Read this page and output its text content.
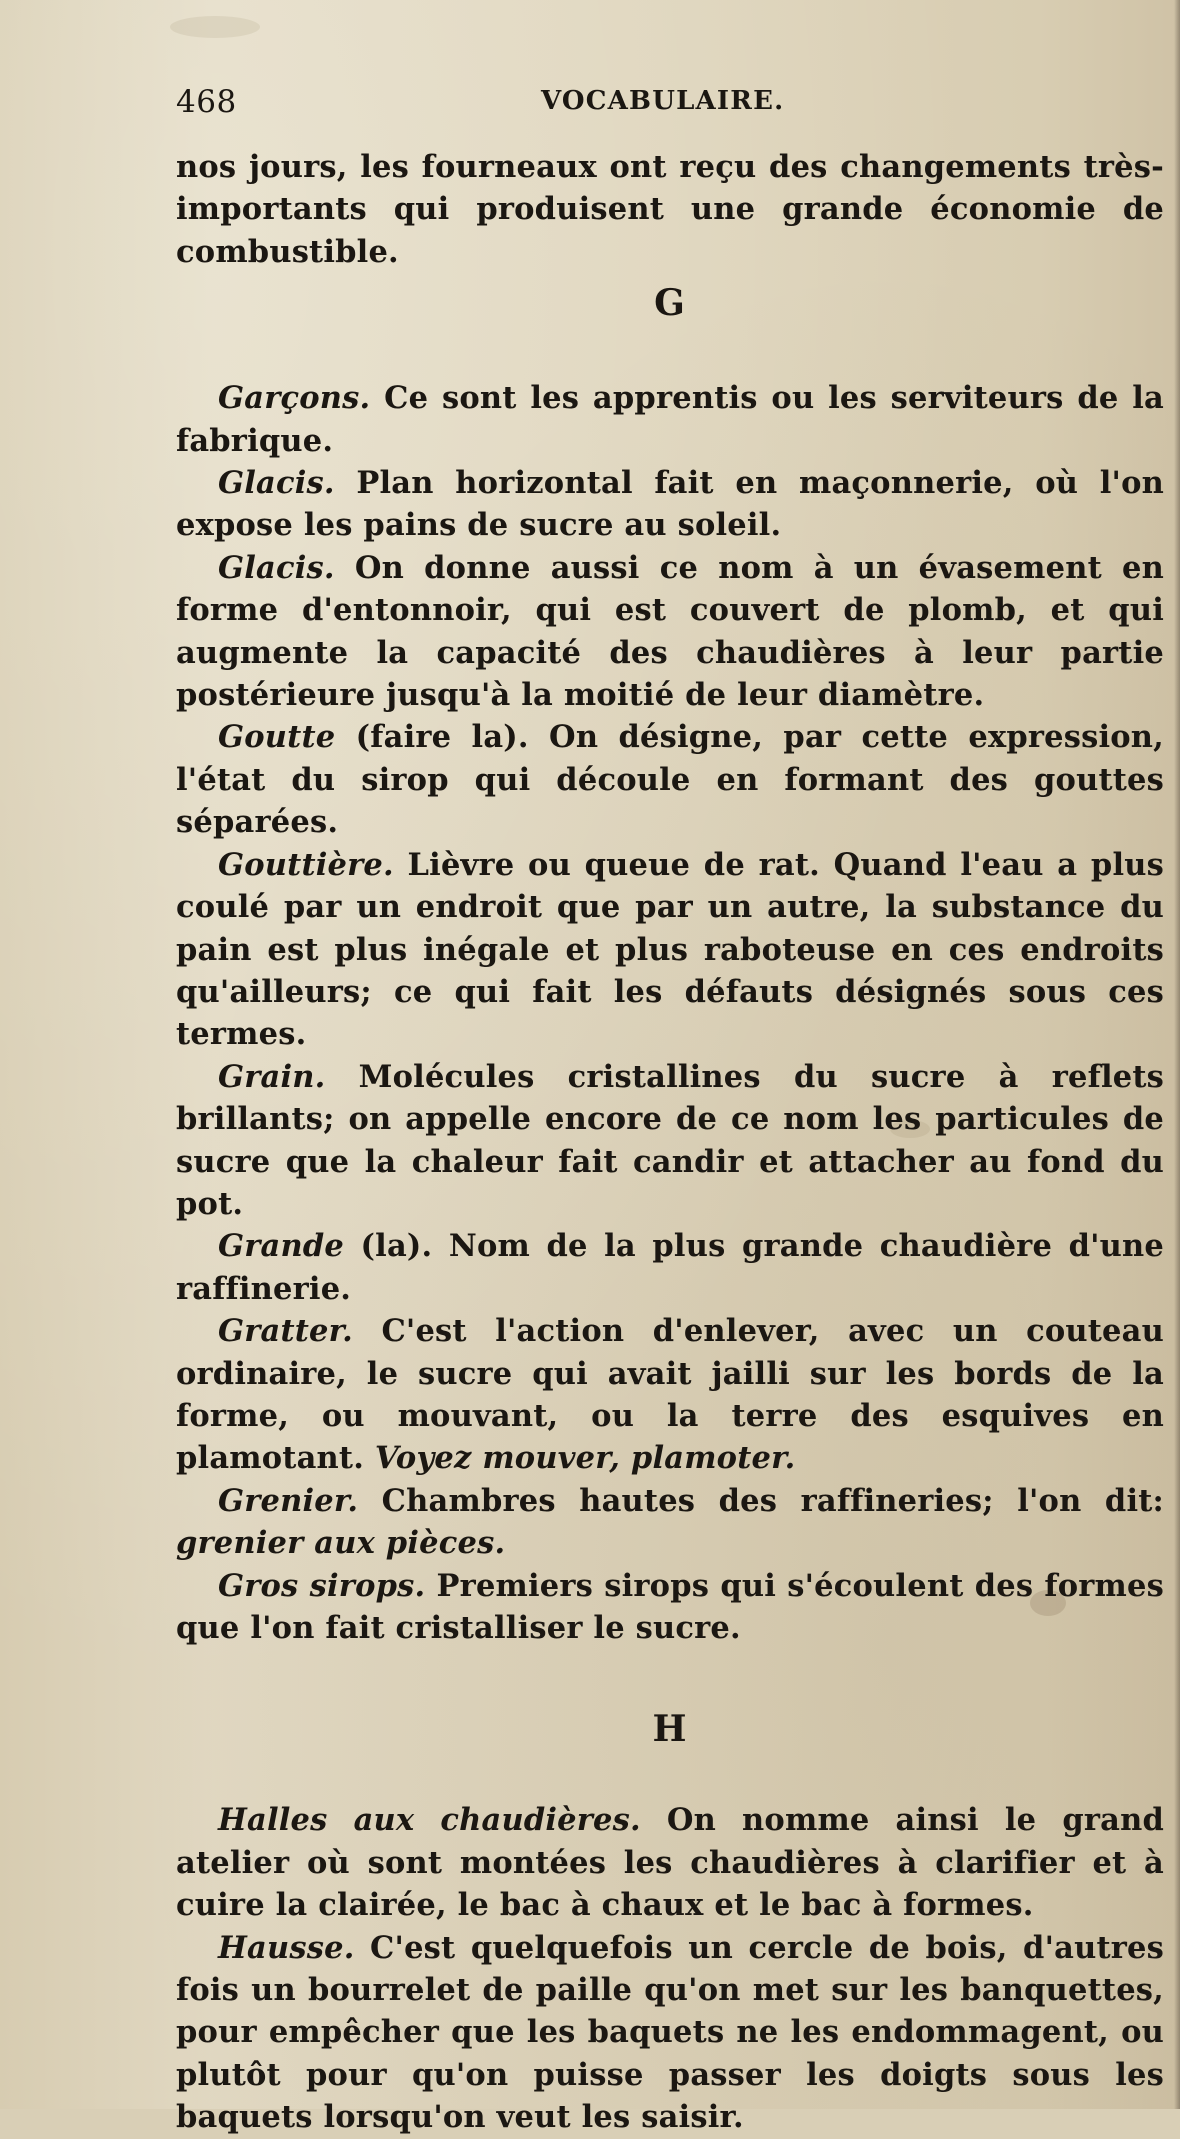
468	VOCABULAIRE.

nos jours, les fourneaux ont reçu des changements très-importants qui produisent une grande économie de combustible.

G

Garçons. Ce sont les apprentis ou les serviteurs de la fabrique.

Glacis. Plan horizontal fait en maçonnerie, où l'on expose les pains de sucre au soleil.

Glacis. On donne aussi ce nom à un évasement en forme d'entonnoir, qui est couvert de plomb, et qui augmente la capacité des chaudières à leur partie postérieure jusqu'à la moitié de leur diamètre.

Goutte (faire la). On désigne, par cette expression, l'état du sirop qui découle en formant des gouttes séparées.

Gouttière. Lièvre ou queue de rat. Quand l'eau a plus coulé par un endroit que par un autre, la substance du pain est plus inégale et plus raboteuse en ces endroits qu'ailleurs; ce qui fait les défauts désignés sous ces termes.

Grain. Molécules cristallines du sucre à reflets brillants; on appelle encore de ce nom les particules de sucre que la chaleur fait candir et attacher au fond du pot.

Grande (la). Nom de la plus grande chaudière d'une raffinerie.

Gratter. C'est l'action d'enlever, avec un couteau ordinaire, le sucre qui avait jailli sur les bords de la forme, ou mouvant, ou la terre des esquives en plamotant. Voyez mouver, plamoter.

Grenier. Chambres hautes des raffineries; l'on dit: grenier aux pièces.

Gros sirops. Premiers sirops qui s'écoulent des formes que l'on fait cristalliser le sucre.

H

Halles aux chaudières. On nomme ainsi le grand atelier où sont montées les chaudières à clarifier et à cuire la clairée, le bac à chaux et le bac à formes.

Hausse. C'est quelquefois un cercle de bois, d'autres fois un bourrelet de paille qu'on met sur les banquettes, pour empêcher que les baquets ne les endommagent, ou plutôt pour qu'on puisse passer les doigts sous les baquets lorsqu'on veut les saisir.
